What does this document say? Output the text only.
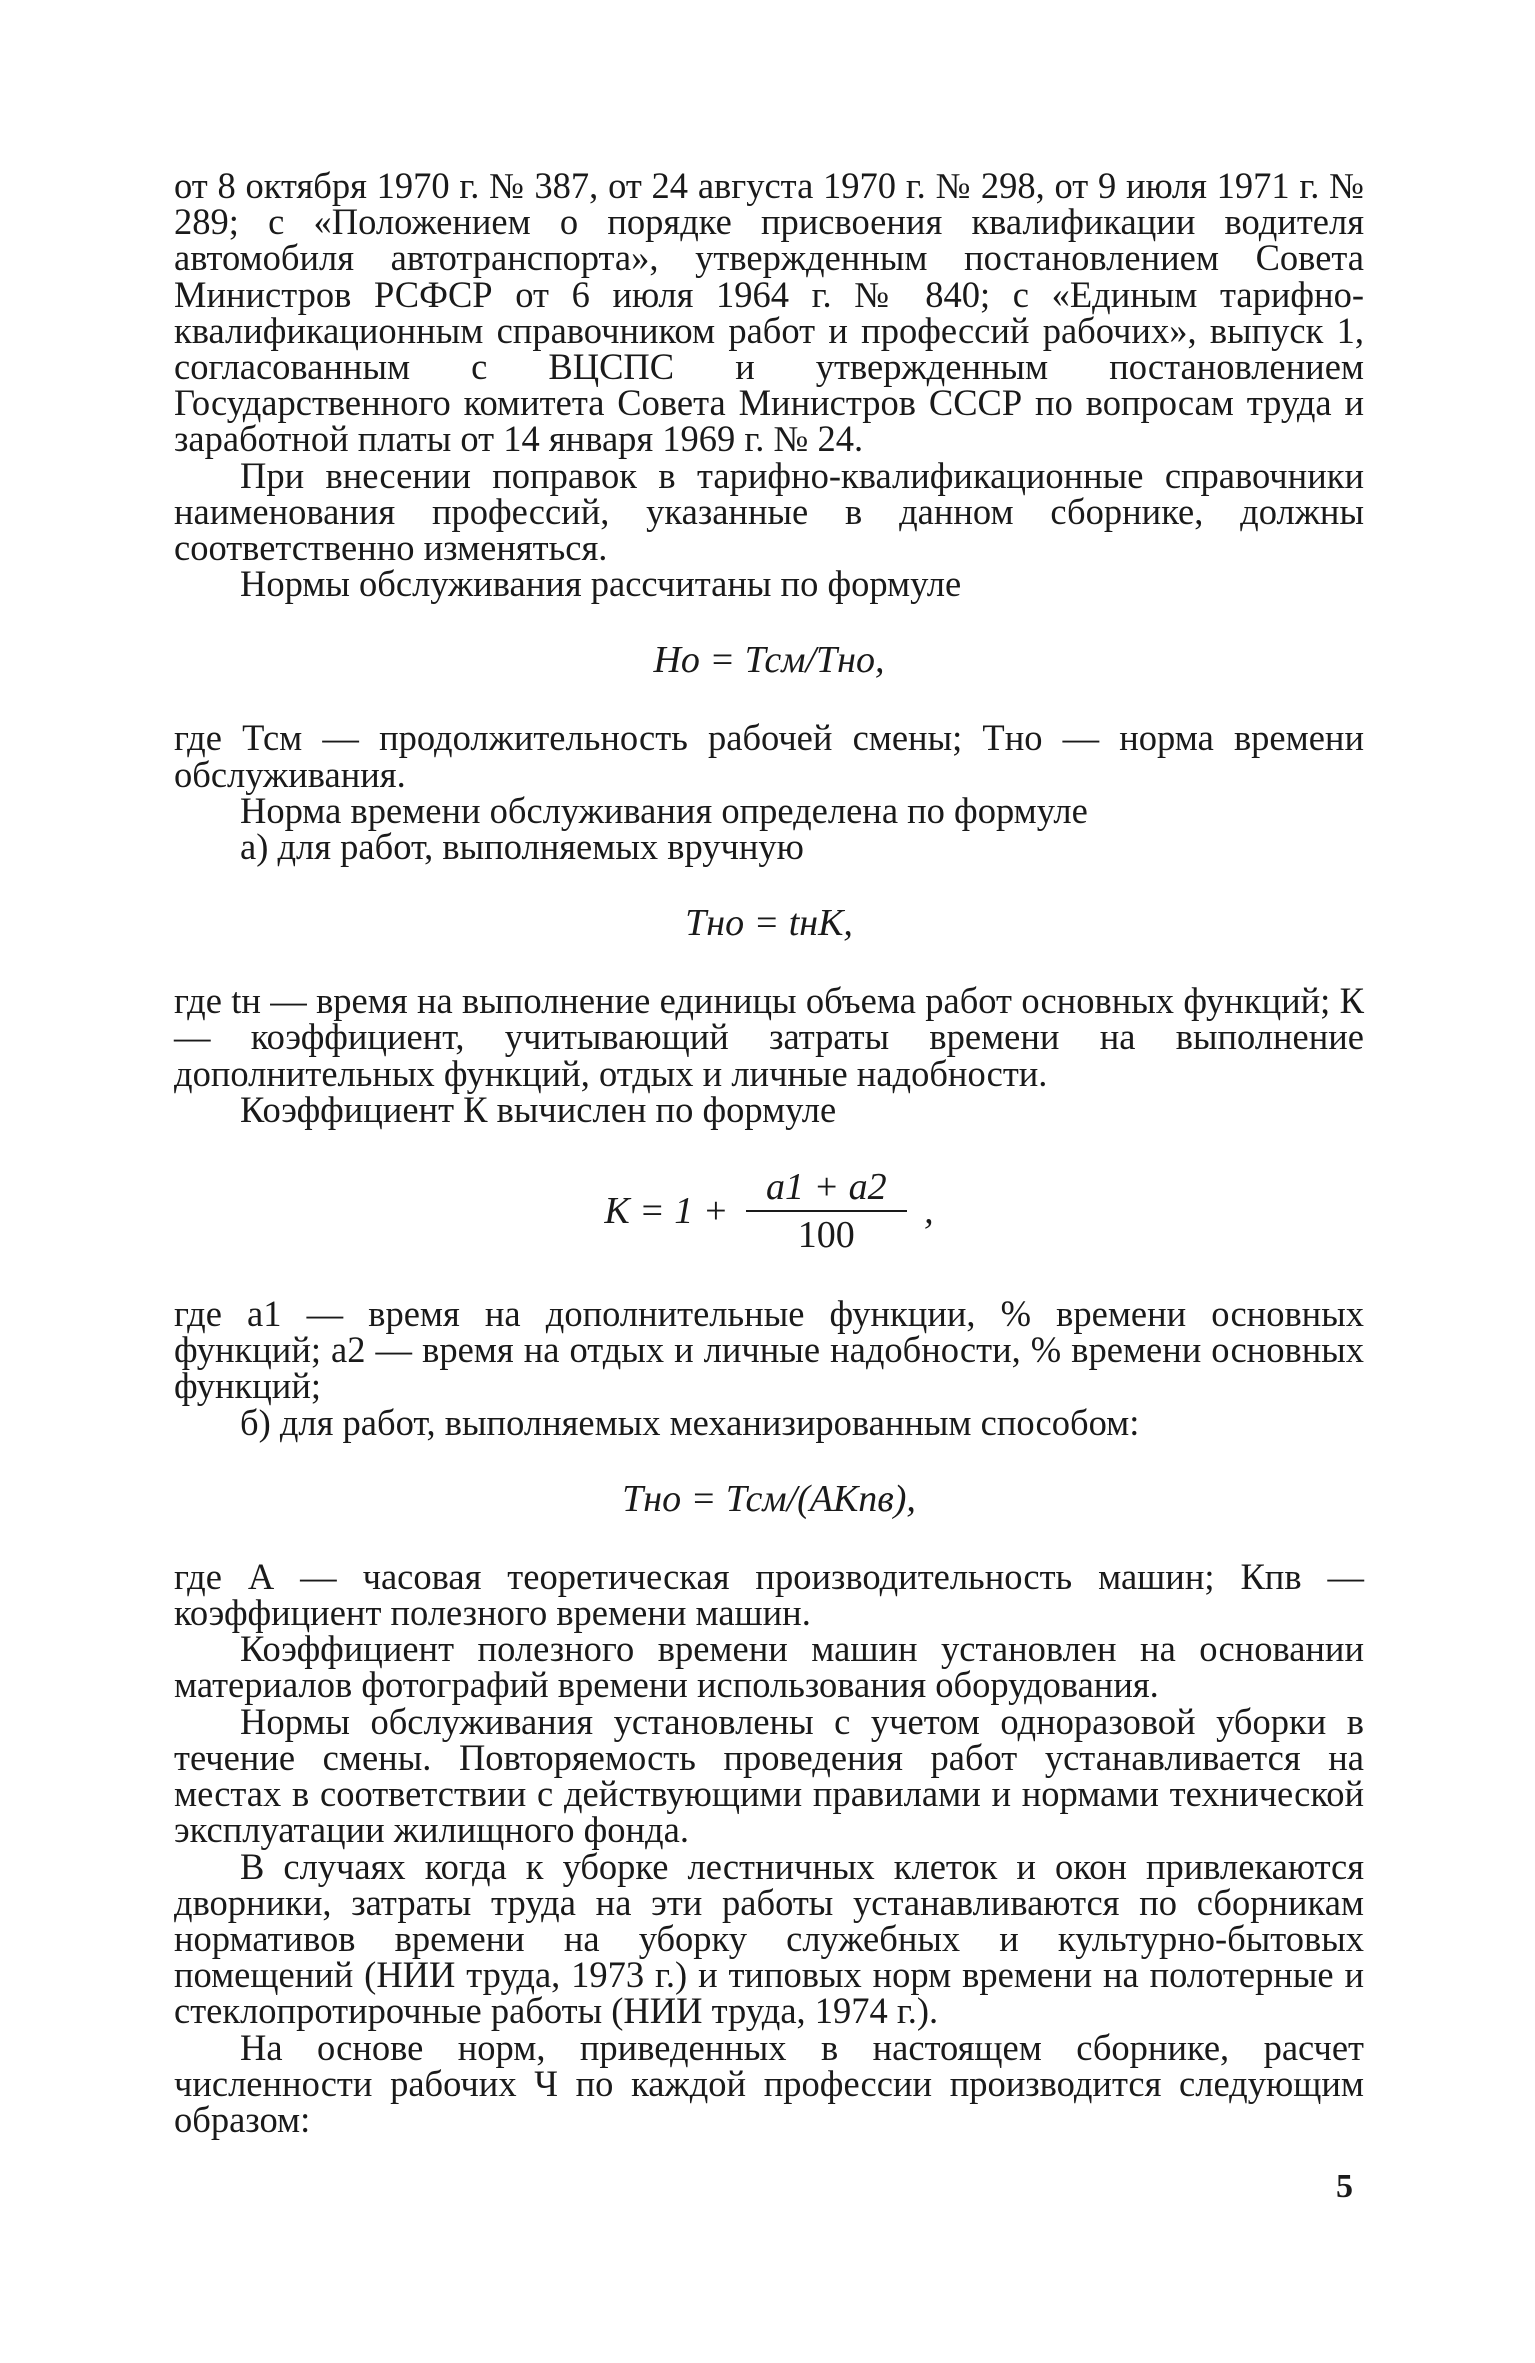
от 8 октября 1970 г. № 387, от 24 августа 1970 г. № 298, от 9 июля 1971 г. № 289; с «Положением о порядке присвоения квалификации водителя автомобиля автотранспорта», утвержденным постановлением Совета Министров РСФСР от 6 июля 1964 г. № 840; с «Единым тарифно-квалификационным справочником работ и профессий рабочих», выпуск 1, согласованным с ВЦСПС и утвержденным постановлением Государственного комитета Совета Министров СССР по вопросам труда и заработной платы от 14 января 1969 г. № 24.

При внесении поправок в тарифно-квалификационные справочники наименования профессий, указанные в данном сборнике, должны соответственно изменяться.

Нормы обслуживания рассчитаны по формуле

Но = Тсм/Тно,

где Тсм — продолжительность рабочей смены; Тно — норма времени обслуживания.

Норма времени обслуживания определена по формуле

а) для работ, выполняемых вручную

Тно = tнК,

где tн — время на выполнение единицы объема работ основных функций; К — коэффициент, учитывающий затраты времени на выполнение дополнительных функций, отдых и личные надобности.

Коэффициент К вычислен по формуле

$К = 1 + \frac{a1 + a2}{100}$ ,

где a1 — время на дополнительные функции, % времени основных функций; a2 — время на отдых и личные надобности, % времени основных функций;

б) для работ, выполняемых механизированным способом:

Тно = Тсм/(АКпв),

где А — часовая теоретическая производительность машин; Кпв — коэффициент полезного времени машин.

Коэффициент полезного времени машин установлен на основании материалов фотографий времени использования оборудования.

Нормы обслуживания установлены с учетом одноразовой уборки в течение смены. Повторяемость проведения работ устанавливается на местах в соответствии с действующими правилами и нормами технической эксплуатации жилищного фонда.

В случаях когда к уборке лестничных клеток и окон привлекаются дворники, затраты труда на эти работы устанавливаются по сборникам нормативов времени на уборку служебных и культурно-бытовых помещений (НИИ труда, 1973 г.) и типовых норм времени на полотерные и стеклопротирочные работы (НИИ труда, 1974 г.).

На основе норм, приведенных в настоящем сборнике, расчет численности рабочих Ч по каждой профессии производится следующим образом:

5
